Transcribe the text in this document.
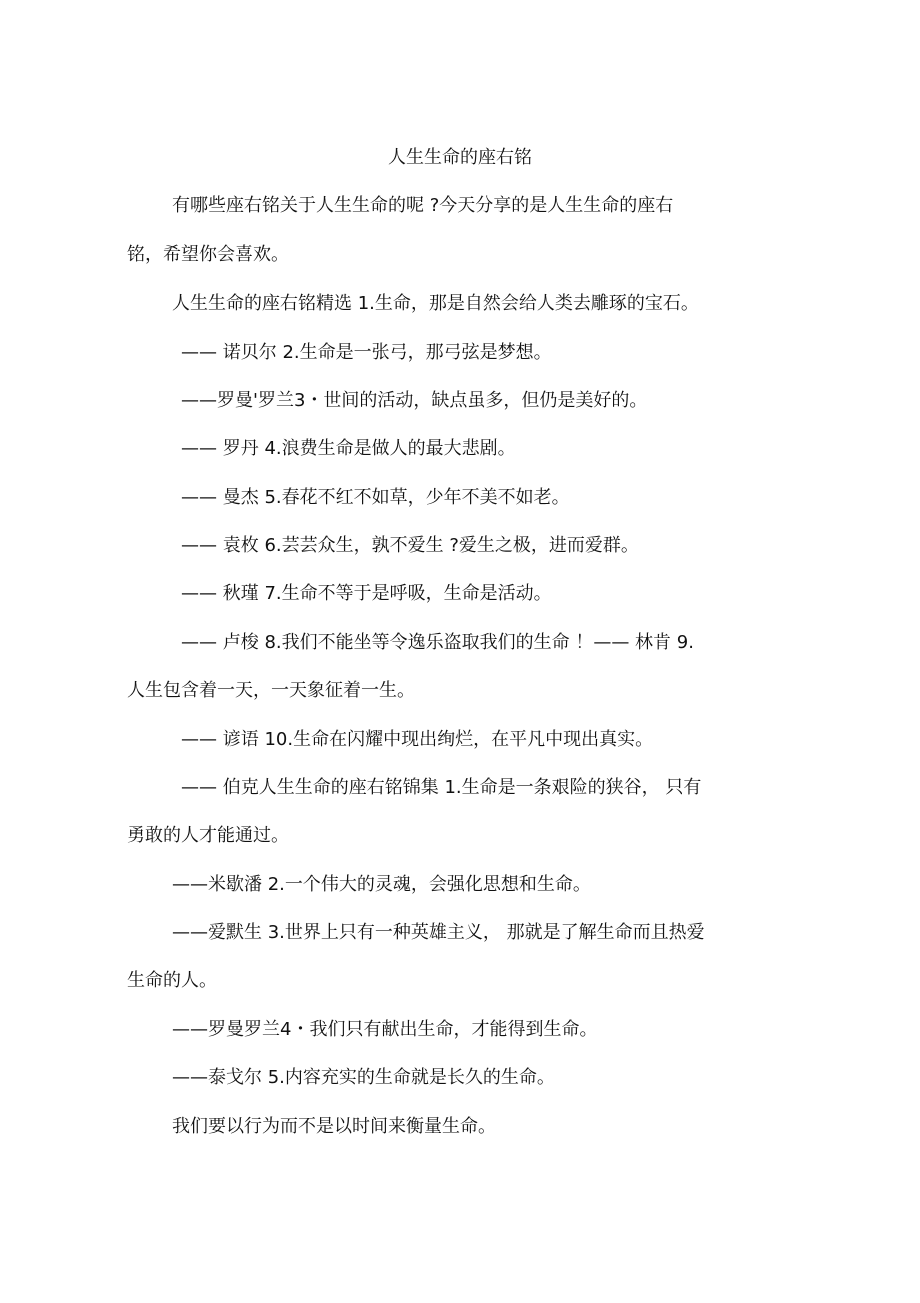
人生生命的座右铭
有哪些座右铭关于人生生命的呢 ?今天分享的是人生生命的座右
铭，希望你会喜欢。
人生生命的座右铭精选 1.生命，那是自然会给人类去雕琢的宝石。
—— 诺贝尔 2.生命是一张弓，那弓弦是梦想。
——罗曼'罗兰3・世间的活动，缺点虽多，但仍是美好的。
—— 罗丹 4.浪费生命是做人的最大悲剧。
—— 曼杰 5.春花不红不如草，少年不美不如老。
—— 袁枚 6.芸芸众生，孰不爱生 ?爱生之极，进而爱群。
—— 秋瑾 7.生命不等于是呼吸，生命是活动。
—— 卢梭 8.我们不能坐等令逸乐盗取我们的生命 ！—— 林肯 9.
人生包含着一天，一天象征着一生。
—— 谚语 10.生命在闪耀中现出绚烂，在平凡中现出真实。
—— 伯克人生生命的座右铭锦集 1.生命是一条艰险的狭谷， 只有
勇敢的人才能通过。
——米歇潘 2.一个伟大的灵魂，会强化思想和生命。
——爱默生 3.世界上只有一种英雄主义， 那就是了解生命而且热爱
生命的人。
——罗曼罗兰4・我们只有献出生命，才能得到生命。
——泰戈尔 5.内容充实的生命就是长久的生命。
我们要以行为而不是以时间来衡量生命。
